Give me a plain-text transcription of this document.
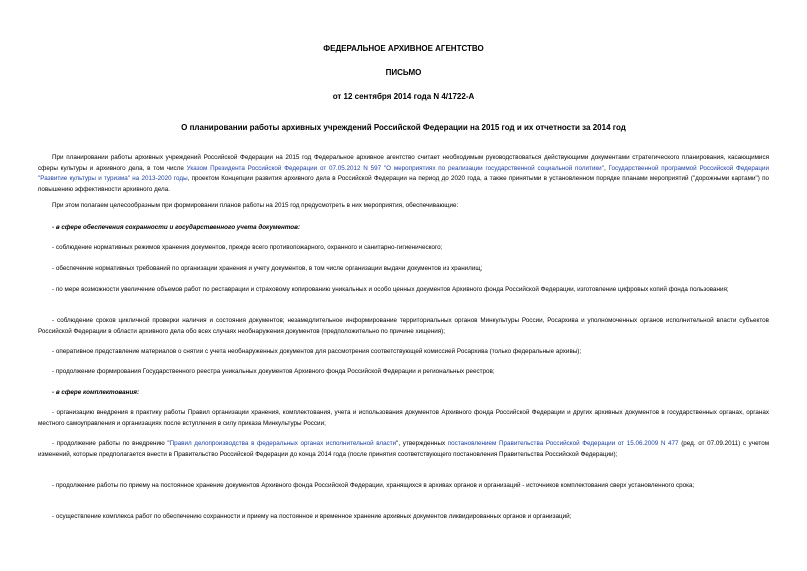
ФЕДЕРАЛЬНОЕ АРХИВНОЕ АГЕНТСТВО
ПИСЬМО
от 12 сентября 2014 года N 4/1722-А
О планировании работы архивных учреждений Российской Федерации на 2015 год и их отчетности за 2014 год

При планировании работы архивных учреждений Российской Федерации на 2015 год Федеральное архивное агентство считает необходимым руководствоваться действующими документами стратегического планирования, касающимися сферы культуры и архивного дела, в том числе Указом Президента Российской Федерации от 07.05.2012 N 597 "О мероприятиях по реализации государственной социальной политики", Государственной программой Российской Федерации "Развитие культуры и туризма" на 2013-2020 годы, проектом Концепции развития архивного дела в Российской Федерации на период до 2020 года, а также принятыми в установленном порядке планами мероприятий ("дорожными картами") по повышению эффективности архивного дела.

При этом полагаем целесообразным при формировании планов работы на 2015 год предусмотреть в них мероприятия, обеспечивающие:

- в сфере обеспечения сохранности и государственного учета документов:

- соблюдение нормативных режимов хранения документов, прежде всего противопожарного, охранного и санитарно-гигиенического;

- обеспечение нормативных требований по организации хранения и учету документов, в том числе организации выдачи документов из хранилищ;

- по мере возможности увеличение объемов работ по реставрации и страховому копированию уникальных и особо ценных документов Архивного фонда Российской Федерации, изготовление цифровых копий фонда пользования;

- соблюдение сроков цикличной проверки наличия и состояния документов; незамедлительное информирование территориальных органов Минкультуры России, Росархива и уполномоченных органов исполнительной власти субъектов Российской Федерации в области архивного дела обо всех случаях необнаружения документов (предположительно по причине хищения);

- оперативное представление материалов о снятии с учета необнаруженных документов для рассмотрения соответствующей комиссией Росархива (только федеральные архивы);

- продолжение формирования Государственного реестра уникальных документов Архивного фонда Российской Федерации и региональных реестров;

- в сфере комплектования:

- организацию внедрения в практику работы Правил организации хранения, комплектования, учета и использования документов Архивного фонда Российской Федерации и других архивных документов в государственных органах, органах местного самоуправления и организациях после вступления в силу приказа Минкультуры России;

- продолжение работы по внедрению "Правил делопроизводства в федеральных органах исполнительной власти", утвержденных постановлением Правительства Российской Федерации от 15.06.2009 N 477 (ред. от 07.09.2011) с учетом изменений, которые предполагается внести в Правительство Российской Федерации до конца 2014 года (после принятия соответствующего постановления Правительства Российской Федерации);

- продолжение работы по приему на постоянное хранение документов Архивного фонда Российской Федерации, хранящихся в архивах органов и организаций - источников комплектования сверх установленного срока;

- осуществление комплекса работ по обеспечению сохранности и приему на постоянное и временное хранение архивных документов ликвидированных органов и организаций;
